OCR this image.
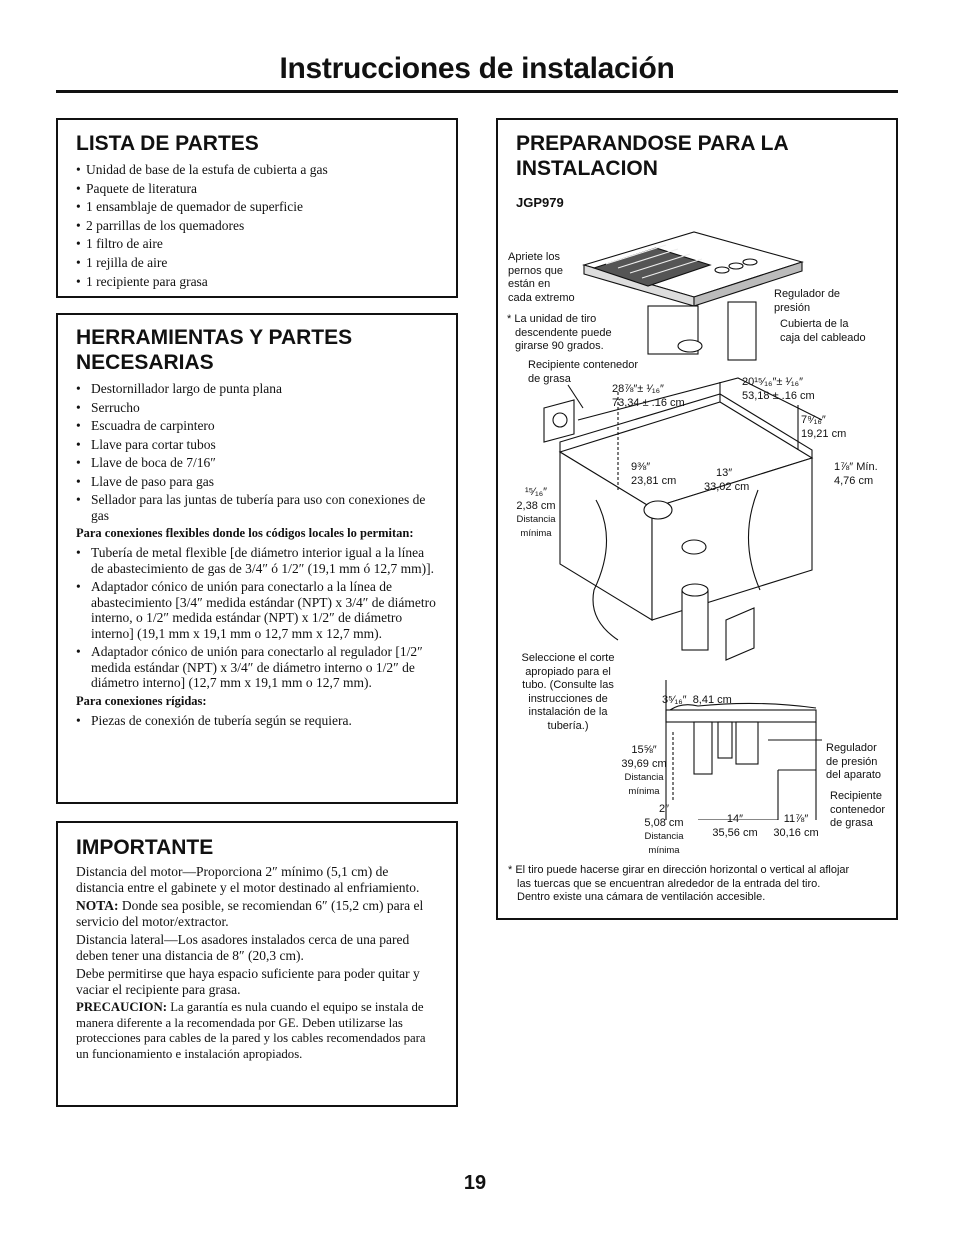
Instrucciones de instalación
LISTA DE PARTES
• Unidad de base de la estufa de cubierta a gas
• Paquete de literatura
• 1 ensamblaje de quemador de superficie
• 2 parrillas de los quemadores
• 1 filtro de aire
• 1 rejilla de aire
• 1 recipiente para grasa
HERRAMIENTAS Y PARTES
NECESARIAS
• Destornillador largo de punta plana
• Serrucho
• Escuadra de carpintero
• Llave para cortar tubos
• Llave de boca de 7/16″
• Llave de paso para gas
• Sellador para las juntas de tubería para uso con conexiones de gas

Para conexiones flexibles donde los códigos locales lo permitan:

• Tubería de metal flexible [de diámetro interior igual a la línea de abastecimiento de gas de 3/4″ ó 1/2″ (19,1 mm ó 12,7 mm)].
• Adaptador cónico de unión para conectarlo a la línea de abastecimiento [3/4″ medida estándar (NPT) x 3/4″ de diámetro interno, o 1/2″ medida estándar (NPT) x 1/2″ de diámetro interno] (19,1 mm x 19,1 mm o 12,7 mm x 12,7 mm).
• Adaptador cónico de unión para conectarlo al regulador [1/2″ medida estándar (NPT) x 3/4″ de diámetro interno o 1/2″ de diámetro interno] (12,7 mm x 19,1 mm o 12,7 mm).

Para conexiones rígidas:

• Piezas de conexión de tubería según se requiera.
IMPORTANTE

Distancia del motor—Proporciona 2″ mínimo (5,1 cm) de distancia entre el gabinete y el motor destinado al enfriamiento.

NOTA: Donde sea posible, se recomiendan 6″ (15,2 cm) para el servicio del motor/extractor.

Distancia lateral—Los asadores instalados cerca de una pared deben tener una distancia de 8″ (20,3 cm).

Debe permitirse que haya espacio suficiente para poder quitar y vaciar el recipiente para grasa.

PRECAUCION: La garantía es nula cuando el equipo se instala de manera diferente a la recomendada por GE. Deben utilizarse las protecciones para cables de la pared y los cables recomendados para un funcionamiento e instalación apropiados.

PREPARANDOSE PARA LA
INSTALACION
JGP979
Apriete los
pernos que
están en
cada extremo	Regulador de
presión
Cubierta de la
caja del cableado
* La unidad de tiro
descendente puede
girarse 90 grados.
Recipiente contenedor
de grasa
28⅞″± ¹⁄₁₆″
73,34 ± .16 cm
20¹⁵⁄₁₆″± ¹⁄₁₆″
53,18 ± .16 cm
7⁹⁄₁₆″
19,21 cm
1⅞″ Mín.
4,76 cm
9⅜″
23,81 cm
13″
33,02 cm
¹⁵⁄₁₆″
2,38 cm
Distancia
mínima
Seleccione el corte
apropiado para el
tubo. (Consulte las
instrucciones de
instalación de la
tubería.)
3⁵⁄₁₆″ 8,41 cm
15⅝″
39,69 cm
Distancia
mínima
Regulador
de presión
del aparato
Recipiente
contenedor
de grasa
2″
5,08 cm
Distancia
mínima
14″
35,56 cm
11⅞″
30,16 cm
* El tiro puede hacerse girar en dirección horizontal o vertical al aflojar
las tuercas que se encuentran alrededor de la entrada del tiro.
Dentro existe una cámara de ventilación accesible.
19
